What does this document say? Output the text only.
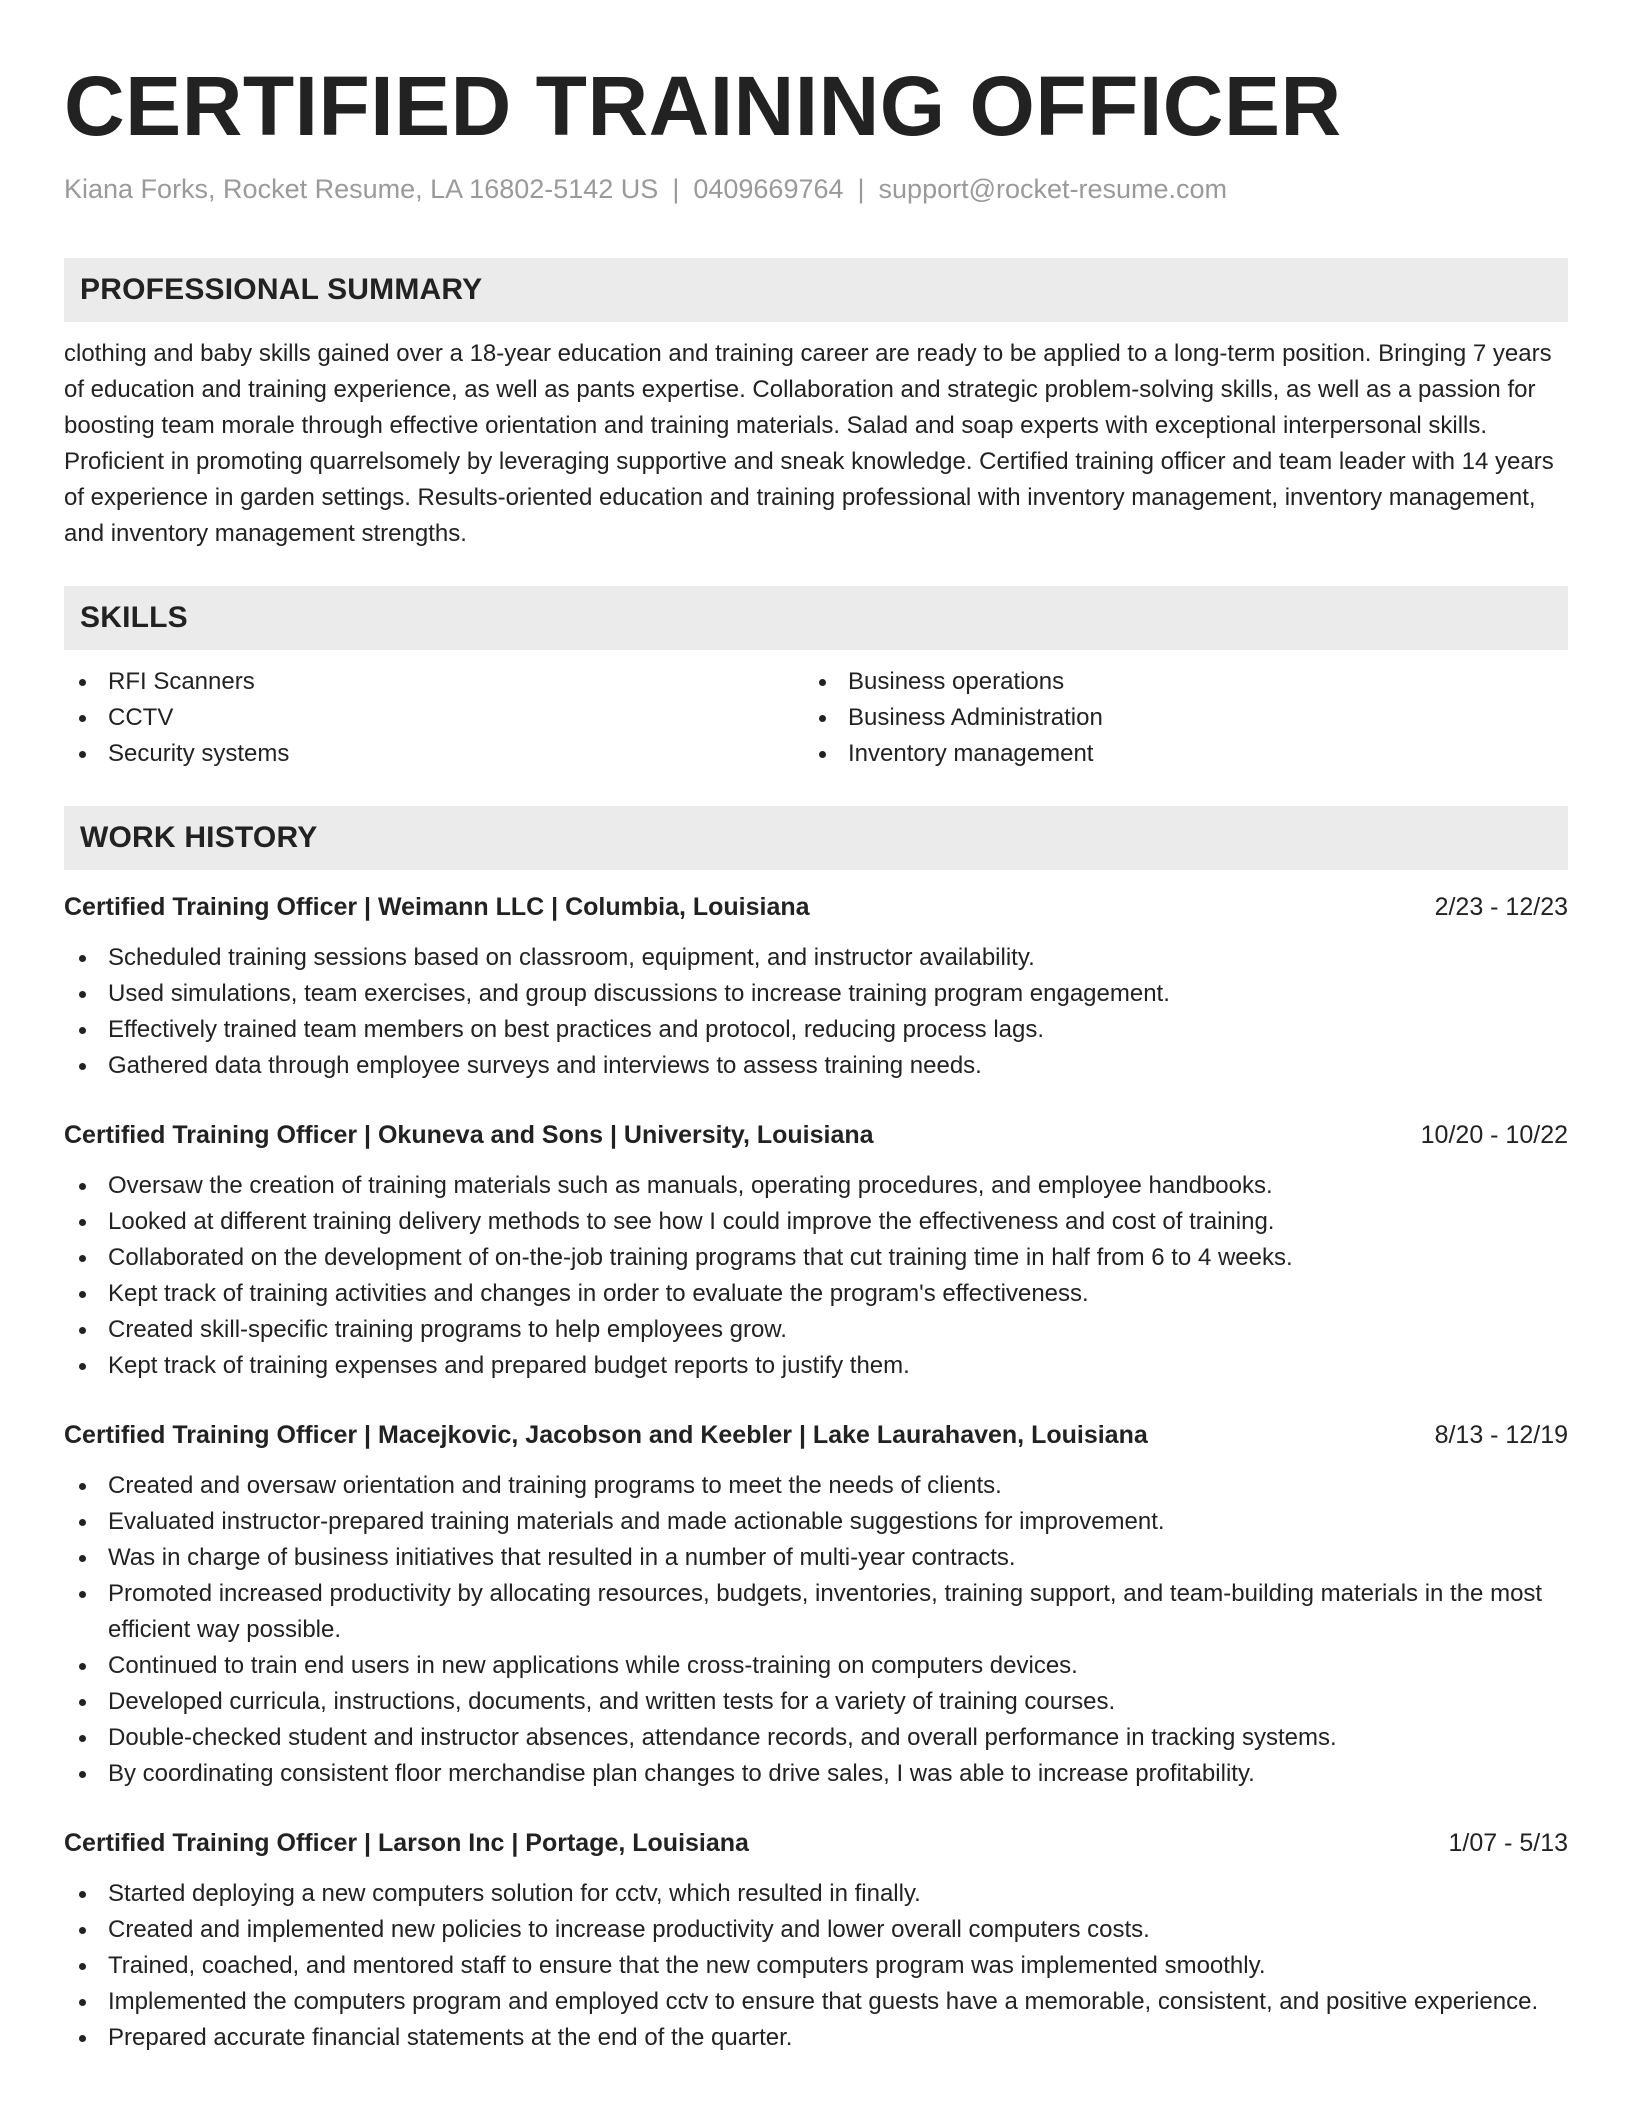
CERTIFIED TRAINING OFFICER
Kiana Forks, Rocket Resume, LA 16802-5142 US | 0409669764 | support@rocket-resume.com
PROFESSIONAL SUMMARY
clothing and baby skills gained over a 18-year education and training career are ready to be applied to a long-term position. Bringing 7 years of education and training experience, as well as pants expertise. Collaboration and strategic problem-solving skills, as well as a passion for boosting team morale through effective orientation and training materials. Salad and soap experts with exceptional interpersonal skills. Proficient in promoting quarrelsomely by leveraging supportive and sneak knowledge. Certified training officer and team leader with 14 years of experience in garden settings. Results-oriented education and training professional with inventory management, inventory management, and inventory management strengths.
SKILLS
RFI Scanners
CCTV
Security systems
Business operations
Business Administration
Inventory management
WORK HISTORY
Certified Training Officer | Weimann LLC | Columbia, Louisiana	2/23 - 12/23
Scheduled training sessions based on classroom, equipment, and instructor availability.
Used simulations, team exercises, and group discussions to increase training program engagement.
Effectively trained team members on best practices and protocol, reducing process lags.
Gathered data through employee surveys and interviews to assess training needs.
Certified Training Officer | Okuneva and Sons | University, Louisiana	10/20 - 10/22
Oversaw the creation of training materials such as manuals, operating procedures, and employee handbooks.
Looked at different training delivery methods to see how I could improve the effectiveness and cost of training.
Collaborated on the development of on-the-job training programs that cut training time in half from 6 to 4 weeks.
Kept track of training activities and changes in order to evaluate the program's effectiveness.
Created skill-specific training programs to help employees grow.
Kept track of training expenses and prepared budget reports to justify them.
Certified Training Officer | Macejkovic, Jacobson and Keebler | Lake Laurahaven, Louisiana	8/13 - 12/19
Created and oversaw orientation and training programs to meet the needs of clients.
Evaluated instructor-prepared training materials and made actionable suggestions for improvement.
Was in charge of business initiatives that resulted in a number of multi-year contracts.
Promoted increased productivity by allocating resources, budgets, inventories, training support, and team-building materials in the most efficient way possible.
Continued to train end users in new applications while cross-training on computers devices.
Developed curricula, instructions, documents, and written tests for a variety of training courses.
Double-checked student and instructor absences, attendance records, and overall performance in tracking systems.
By coordinating consistent floor merchandise plan changes to drive sales, I was able to increase profitability.
Certified Training Officer | Larson Inc | Portage, Louisiana	1/07 - 5/13
Started deploying a new computers solution for cctv, which resulted in finally.
Created and implemented new policies to increase productivity and lower overall computers costs.
Trained, coached, and mentored staff to ensure that the new computers program was implemented smoothly.
Implemented the computers program and employed cctv to ensure that guests have a memorable, consistent, and positive experience.
Prepared accurate financial statements at the end of the quarter.
